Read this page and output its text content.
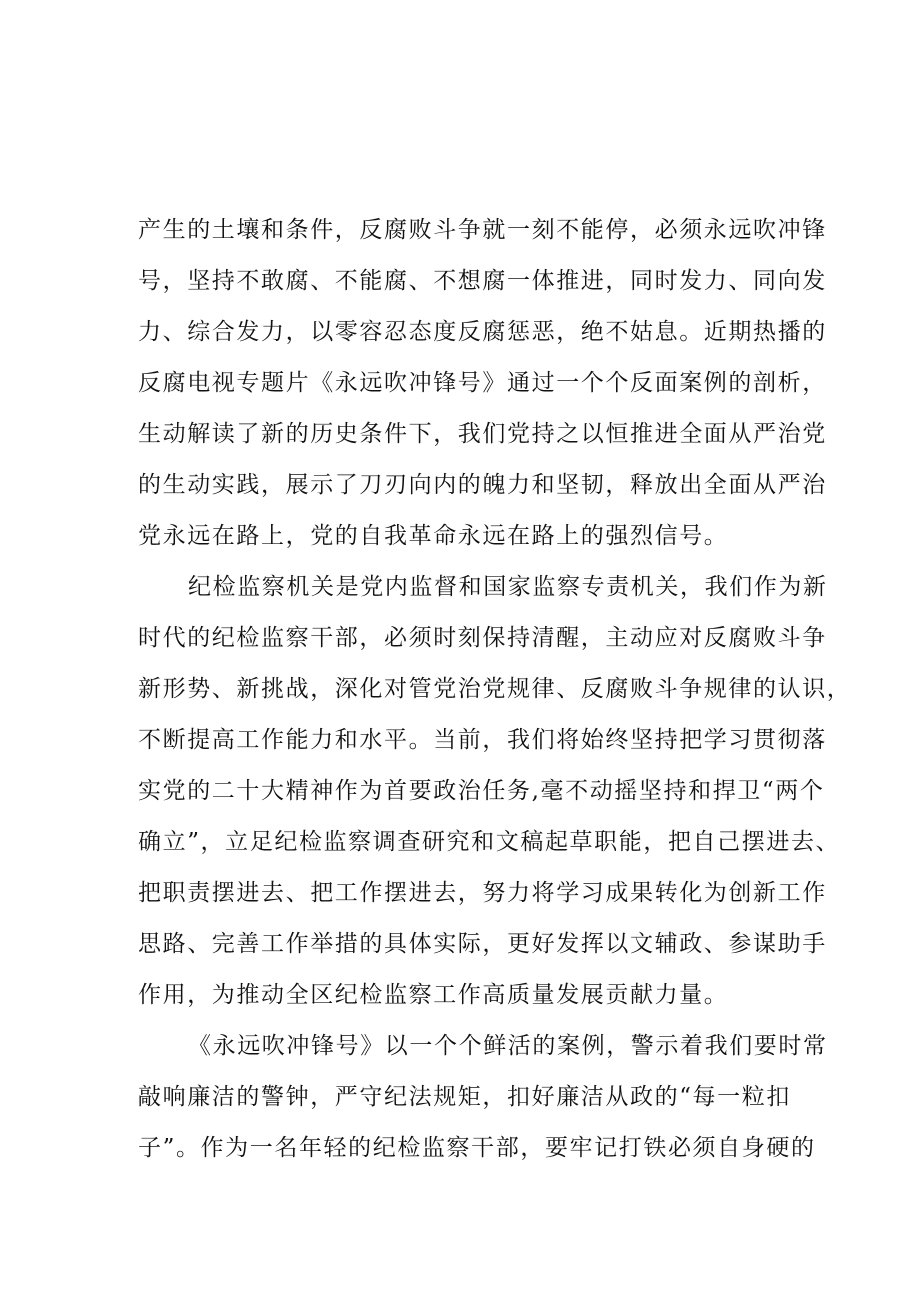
产生的土壤和条件，反腐败斗争就一刻不能停，必须永远吹冲锋
号，坚持不敢腐、不能腐、不想腐一体推进，同时发力、同向发
力、综合发力，以零容忍态度反腐惩恶，绝不姑息。近期热播的
反腐电视专题片《永远吹冲锋号》通过一个个反面案例的剖析，
生动解读了新的历史条件下，我们党持之以恒推进全面从严治党
的生动实践，展示了刀刃向内的魄力和坚韧，释放出全面从严治
党永远在路上，党的自我革命永远在路上的强烈信号。
纪检监察机关是党内监督和国家监察专责机关，我们作为新
时代的纪检监察干部，必须时刻保持清醒，主动应对反腐败斗争
新形势、新挑战，深化对管党治党规律、反腐败斗争规律的认识，
不断提高工作能力和水平。当前，我们将始终坚持把学习贯彻落
实党的二十大精神作为首要政治任务,毫不动摇坚持和捍卫“两个
确立”，立足纪检监察调查研究和文稿起草职能，把自己摆进去、
把职责摆进去、把工作摆进去，努力将学习成果转化为创新工作
思路、完善工作举措的具体实际，更好发挥以文辅政、参谋助手
作用，为推动全区纪检监察工作高质量发展贡献力量。
《永远吹冲锋号》以一个个鲜活的案例，警示着我们要时常
敲响廉洁的警钟，严守纪法规矩，扣好廉洁从政的“每一粒扣
子”。作为一名年轻的纪检监察干部，要牢记打铁必须自身硬的
